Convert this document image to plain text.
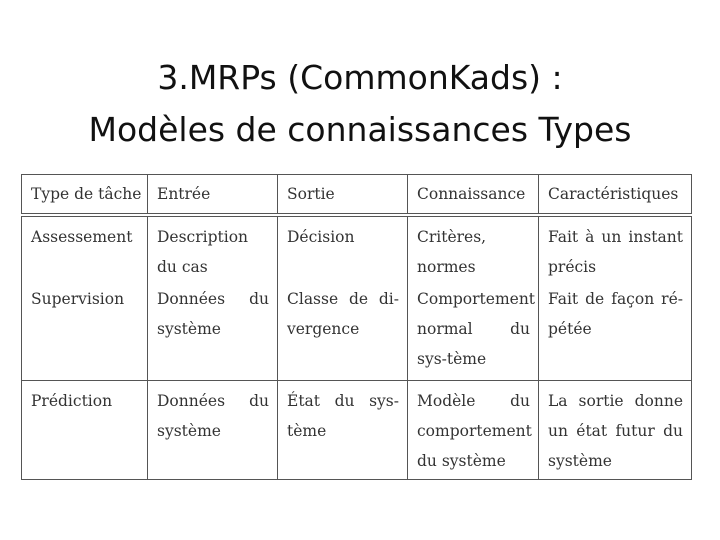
3.MRPs (CommonKads) :
Modèles de connaissances Types
Type de tâche	Entrée	Sortie	Connaissance	Caractéristiques
Assessement	Description du cas	Décision	Critères, normes	Fait à un instant précis
Supervision	Données du système	Classe de di-vergence	Comportement normal du sys-tème	Fait de façon ré-pétée
Prédiction	Données du système	État du sys-tème	Modèle du comportement du système	La sortie donne un état futur du système
